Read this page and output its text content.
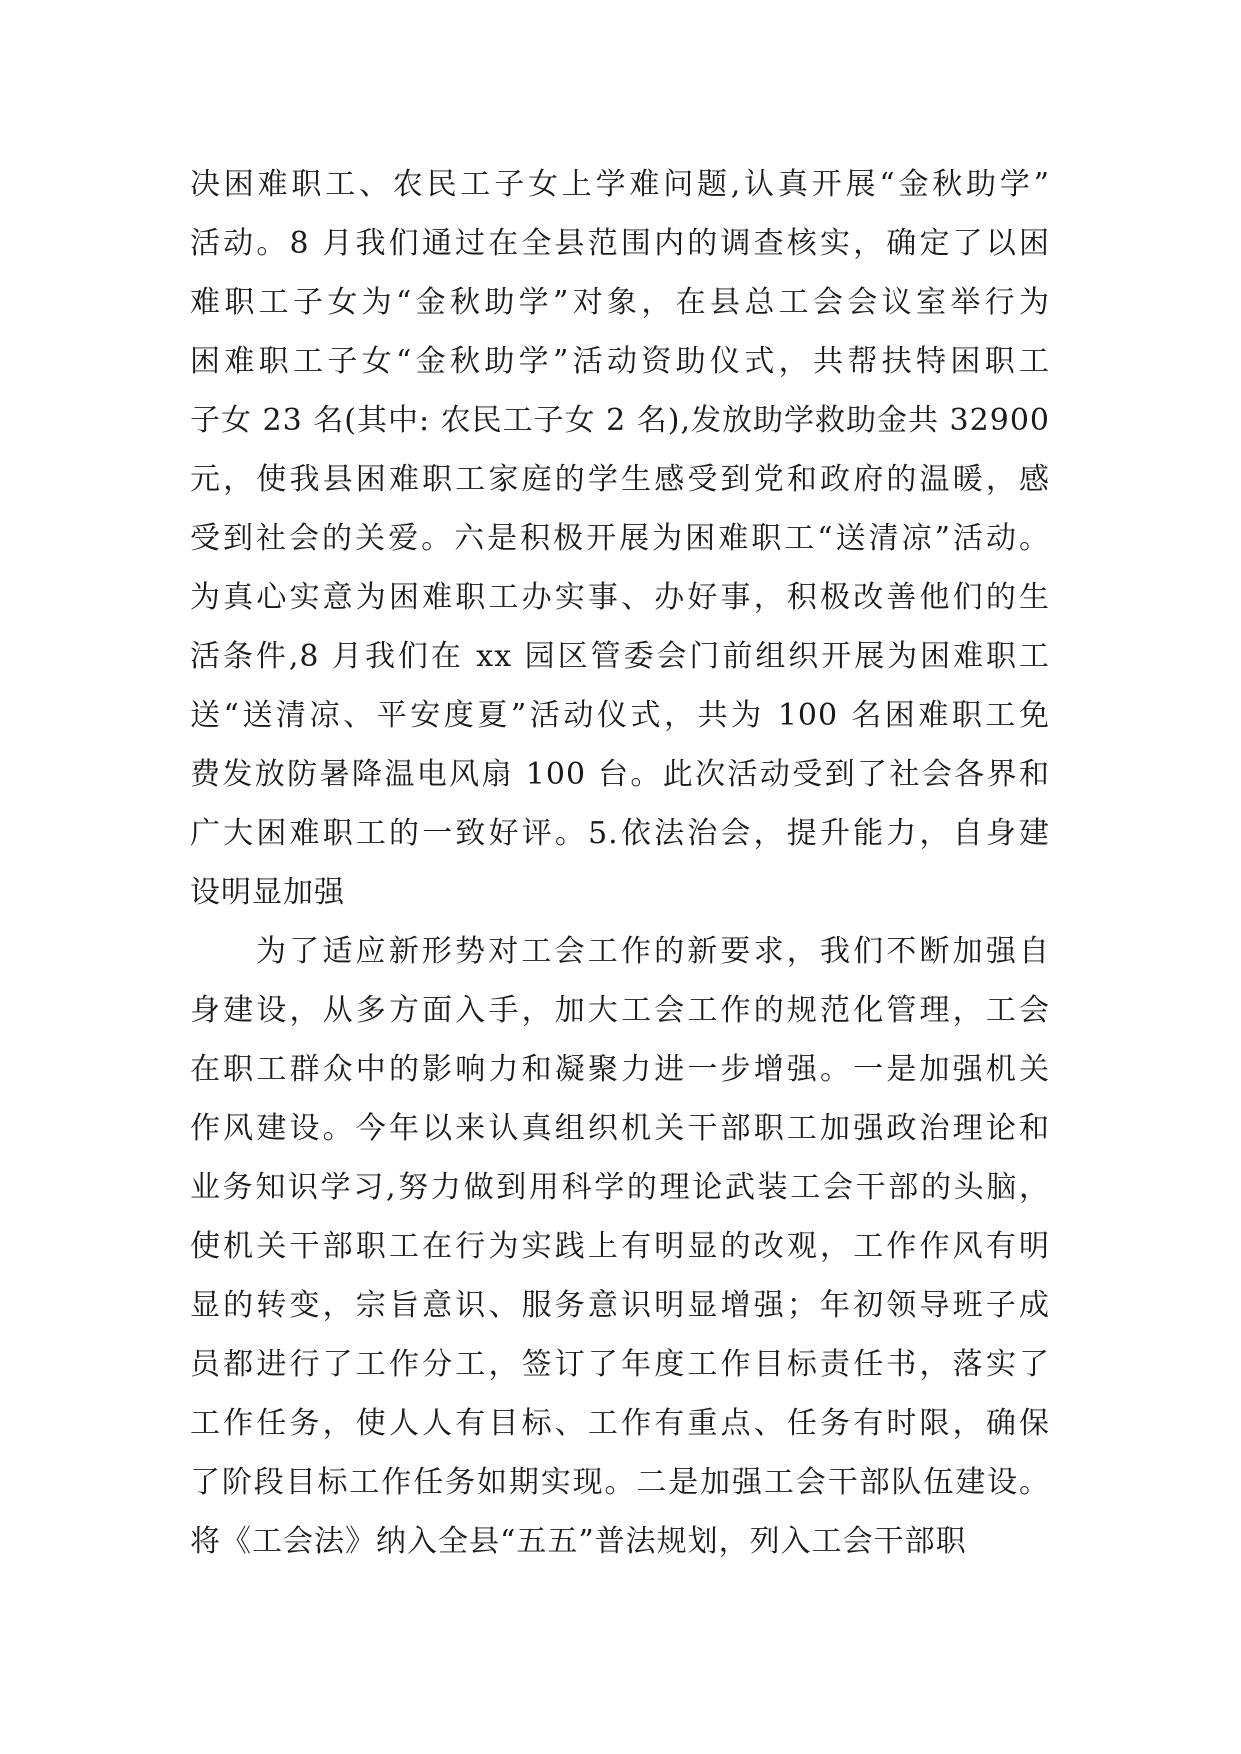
决困难职工、农民工子女上学难问题,认真开展“金秋助学”
活动。8 月我们通过在全县范围内的调查核实，确定了以困
难职工子女为“金秋助学”对象，在县总工会会议室举行为
困难职工子女“金秋助学”活动资助仪式，共帮扶特困职工
子女 23 名(其中: 农民工子女 2 名),发放助学救助金共 32900
元，使我县困难职工家庭的学生感受到党和政府的温暖，感
受到社会的关爱。六是积极开展为困难职工“送清凉”活动。
为真心实意为困难职工办实事、办好事，积极改善他们的生
活条件,8 月我们在 xx 园区管委会门前组织开展为困难职工
送“送清凉、平安度夏”活动仪式，共为 100 名困难职工免
费发放防暑降温电风扇 100 台。此次活动受到了社会各界和
广大困难职工的一致好评。5.依法治会，提升能力，自身建
设明显加强
为了适应新形势对工会工作的新要求，我们不断加强自
身建设，从多方面入手，加大工会工作的规范化管理，工会
在职工群众中的影响力和凝聚力进一步增强。一是加强机关
作风建设。今年以来认真组织机关干部职工加强政治理论和
业务知识学习,努力做到用科学的理论武装工会干部的头脑，
使机关干部职工在行为实践上有明显的改观，工作作风有明
显的转变，宗旨意识、服务意识明显增强；年初领导班子成
员都进行了工作分工，签订了年度工作目标责任书，落实了
工作任务，使人人有目标、工作有重点、任务有时限，确保
了阶段目标工作任务如期实现。二是加强工会干部队伍建设。
将《工会法》纳入全县“五五”普法规划，列入工会干部职
